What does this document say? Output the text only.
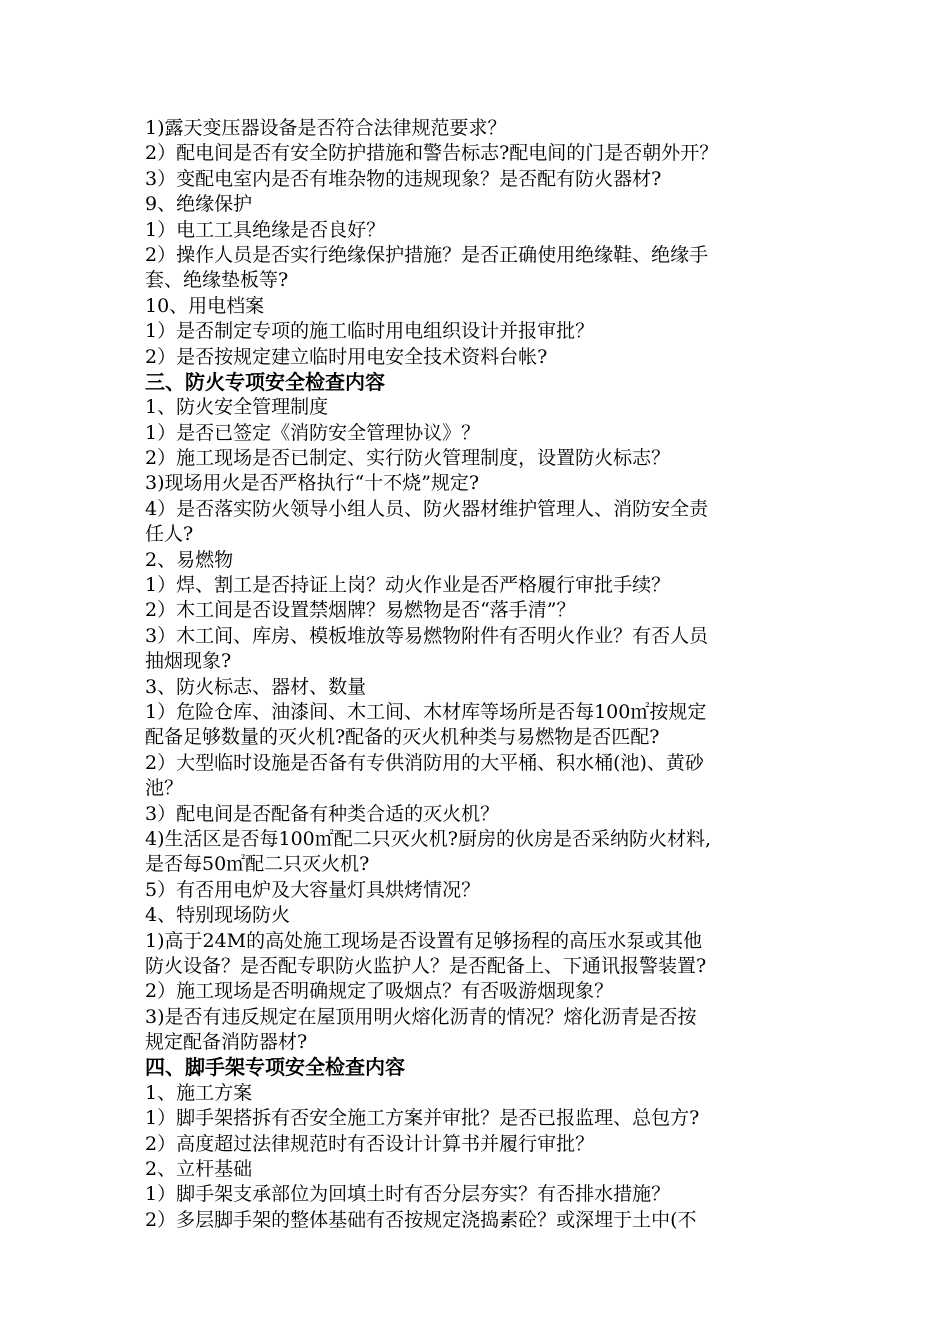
1)露天变压器设备是否符合法律规范要求？
2）配电间是否有安全防护措施和警告标志?配电间的门是否朝外开？
3）变配电室内是否有堆杂物的违规现象？是否配有防火器材?
9、绝缘保护
1）电工工具绝缘是否良好？
2）操作人员是否实行绝缘保护措施？是否正确使用绝缘鞋、绝缘手
套、绝缘垫板等?
10、用电档案
1）是否制定专项的施工临时用电组织设计并报审批？
2）是否按规定建立临时用电安全技术资料台帐?
三、防火专项安全检查内容
1、防火安全管理制度
1）是否已签定《消防安全管理协议》？
2）施工现场是否已制定、实行防火管理制度，设置防火标志？
3)现场用火是否严格执行“十不烧”规定?
4）是否落实防火领导小组人员、防火器材维护管理人、消防安全责
任人?
2、易燃物
1）焊、割工是否持证上岗？动火作业是否严格履行审批手续？
2）木工间是否设置禁烟牌？易燃物是否“落手清”？
3）木工间、库房、模板堆放等易燃物附件有否明火作业？有否人员
抽烟现象?
3、防火标志、器材、数量
1）危险仓库、油漆间、木工间、木材库等场所是否每100㎡按规定
配备足够数量的灭火机?配备的灭火机种类与易燃物是否匹配?
2）大型临时设施是否备有专供消防用的大平桶、积水桶(池)、黄砂
池？
3）配电间是否配备有种类合适的灭火机？
4)生活区是否每100㎡配二只灭火机?厨房的伙房是否采纳防火材料,
是否每50㎡配二只灭火机?
5）有否用电炉及大容量灯具烘烤情况？
4、特别现场防火
1)高于24M的高处施工现场是否设置有足够扬程的高压水泵或其他
防火设备？是否配专职防火监护人？是否配备上、下通讯报警装置?
2）施工现场是否明确规定了吸烟点？有否吸游烟现象？
3)是否有违反规定在屋顶用明火熔化沥青的情况？熔化沥青是否按
规定配备消防器材?
四、脚手架专项安全检查内容
1、施工方案
1）脚手架搭拆有否安全施工方案并审批？是否已报监理、总包方?
2）高度超过法律规范时有否设计计算书并履行审批？
2、立杆基础
1）脚手架支承部位为回填土时有否分层夯实？有否排水措施？
2）多层脚手架的整体基础有否按规定浇捣素砼？或深埋于土中(不
